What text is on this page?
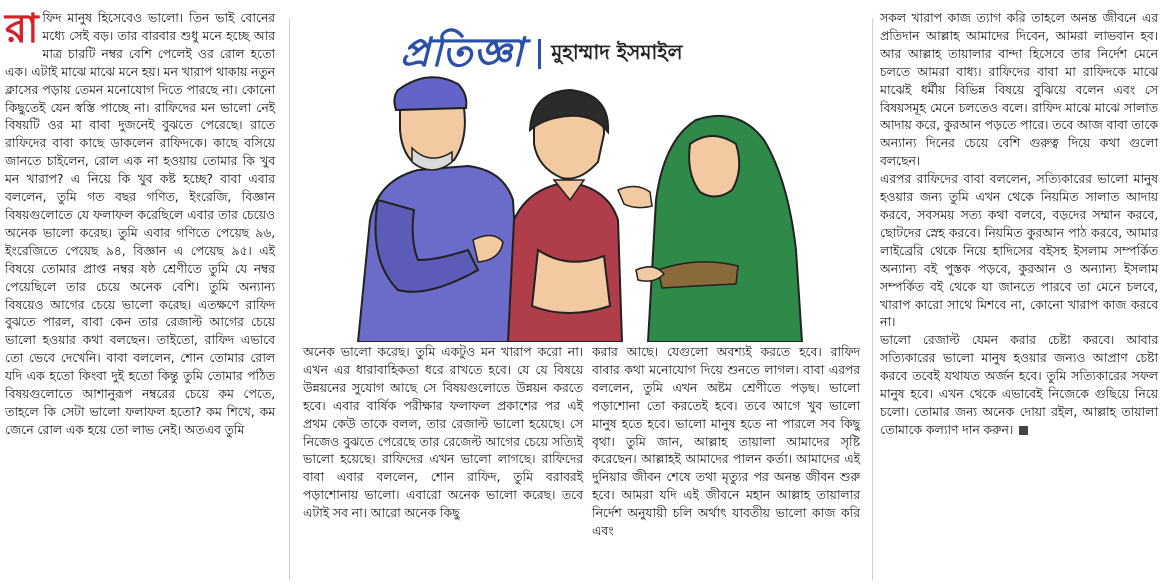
রাফিদ মানুষ হিসেবেও ভালো। তিন ভাই বোনের মধ্যে সেই বড়। তার বারবার শুধু মনে হচ্ছে আর মাত্র চারটি নম্বর বেশি পেলেই ওর রোল হতো এক। এটাই মাঝে মাঝে মনে হয়। মন খারাপ থাকায় নতুন ক্লাসের পড়ায় তেমন মনোযোগ দিতে পারছে না। কোনো কিছুতেই যেন স্বস্তি পাচ্ছে না। রাফিদের মন ভালো নেই বিষয়টি ওর মা বাবা দুজনেই বুঝতে পেরেছে। রাতে রাফিদের বাবা কাছে ডাকলেন রাফিদকে। কাছে বসিয়ে জানতে চাইলেন, রোল এক না হওয়ায় তোমার কি খুব মন খারাপ? এ নিয়ে কি খুব কষ্ট হচ্ছে? বাবা এবার বললেন, তুমি গত বছর গণিত, ইংরেজি, বিজ্ঞান বিষয়গুলোতে যে ফলাফল করেছিলে এবার তার চেয়েও অনেক ভালো করেছ। তুমি এবার গণিতে পেয়েছ ৯৬, ইংরেজিতে পেয়েছ ৯৪, বিজ্ঞান এ পেয়েছ ৯৫। এই বিষয়ে তোমার প্রাপ্ত নম্বর ষষ্ঠ শ্রেণীতে তুমি যে নম্বর পেয়েছিলে তার চেয়ে অনেক বেশি। তুমি অন্যান্য বিষয়েও আগের চেয়ে ভালো করেছ। এতক্ষণে রাফিদ বুঝতে পারল, বাবা কেন তার রেজাল্ট আগের চেয়ে ভালো হওয়ার কথা বলছেন। তাইতো, রাফিদ এভাবে তো ভেবে দেখেনি। বাবা বললেন, শোন তোমার রোল যদি এক হতো কিংবা দুই হতো কিন্তু তুমি তোমার পঠিত বিষয়গুলোতে আশানুরূপ নম্বরের চেয়ে কম পেতে, তাহলে কি সেটা ভালো ফলাফল হতো? কম শিখে, কম জেনে রোল এক হয়ে তো লাভ নেই। অতএব তুমি

প্রতিজ্ঞা মুহাম্মাদ ইসমাইল

অনেক ভালো করেছ। তুমি একটুও মন খারাপ করো না। এখন এর ধারাবাহিকতা ধরে রাখতে হবে। যে যে বিষয়ে উন্নয়নের সুযোগ আছে সে বিষয়গুলোতে উন্নয়ন করতে হবে। এবার বার্ষিক পরীক্ষার ফলাফল প্রকাশের পর এই প্রথম কেউ তাকে বলল, তার রেজাল্ট ভালো হয়েছে। সে নিজেও বুঝতে পেরেছে তার রেজেল্ট আগের চেয়ে সত্যিই ভালো হয়েছে। রাফিদের এখন ভালো লাগছে। রাফিদের বাবা এবার বললেন, শোন রাফিদ, তুমি বরাবরই পড়াশোনায় ভালো। এবারো অনেক ভালো করেছ। তবে এটাই সব না। আরো অনেক কিছু

করার আছে। যেগুলো অবশ্যই করতে হবে। রাফিদ বাবার কথা মনোযোগ দিয়ে শুনতে লাগল। বাবা এরপর বললেন, তুমি এখন অষ্টম শ্রেণীতে পড়ছ। ভালো পড়াশোনা তো করতেই হবে। তবে আগে খুব ভালো মানুষ হতে হবে। ভালো মানুষ হতে না পারলে সব কিছু বৃথা। তুমি জান, আল্লাহ তায়ালা আমাদের সৃষ্টি করেছেন। আল্লাহই আমাদের পালন কর্তা। আমাদের এই দুনিয়ার জীবন শেষে তথা মৃত্যুর পর অনন্ত জীবন শুরু হবে। আমরা যদি এই জীবনে মহান আল্লাহ তায়ালার নির্দেশ অনুযায়ী চলি অর্থাৎ যাবতীয় ভালো কাজ করি এবং

সকল খারাপ কাজ ত্যাগ করি তাহলে অনন্ত জীবনে এর প্রতিদান আল্লাহ আমাদের দিবেন, আমরা লাভবান হব। আর আল্লাহ তায়ালার বান্দা হিসেবে তার নির্দেশ মেনে চলতে আমরা বাধ্য। রাফিদের বাবা মা রাফিদকে মাঝে মাঝেই ধর্মীয় বিভিন্ন বিষয়ে বুঝিয়ে বলেন এবং সে বিষয়সমূহ মেনে চলতেও বলে। রাফিদ মাঝে মাঝে সালাত আদায় করে, কুরআন পড়তে পারে। তবে আজ বাবা তাকে অন্যান্য দিনের চেয়ে বেশি গুরুত্ব দিয়ে কথা গুলো বলছেন।

এরপর রাফিদের বাবা বললেন, সত্যিকারের ভালো মানুষ হওয়ার জন্য তুমি এখন থেকে নিয়মিত সালাত আদায় করবে, সবসময় সত্য কথা বলবে, বড়দের সম্মান করবে, ছোটদের স্নেহ করবে। নিয়মিত কুরআন পাঠ করবে, আমার লাইব্রেরি থেকে নিয়ে হাদিসের বইসহ ইসলাম সম্পর্কিত অন্যান্য বই পুস্তক পড়বে, কুরআন ও অন্যান্য ইসলাম সম্পর্কিত বই থেকে যা জানতে পারবে তা মেনে চলবে, খারাপ কারো সাথে মিশবে না, কোনো খারাপ কাজ করবে না।

ভালো রেজাল্ট যেমন করার চেষ্টা করবে। আবার সত্যিকারের ভালো মানুষ হওয়ার জন্যও আপ্রাণ চেষ্টা করবে তবেই যথাযত অর্জন হবে। তুমি সত্যিকারের সফল মানুষ হবে। এখন থেকে এভাবেই নিজেকে গুছিয়ে নিয়ে চলো। তোমার জন্য অনেক দোয়া রইল, আল্লাহ তায়ালা তোমাকে কল্যাণ দান করুন।
